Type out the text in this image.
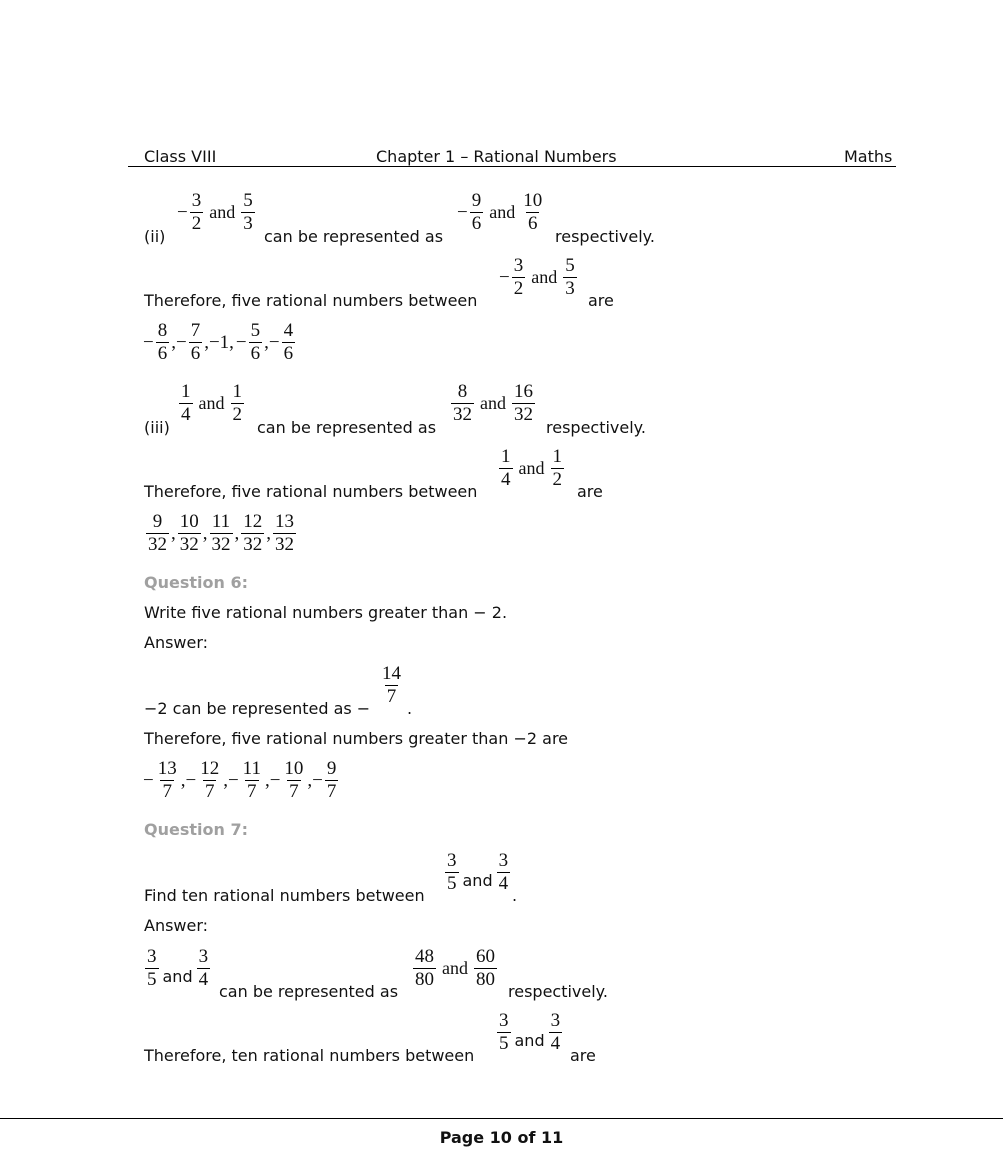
Class VIII	Chapter 1 – Rational Numbers	Maths
(ii)
− $\frac{3}{2}$ and $\frac{5}{3}$
can be represented as
− $\frac{9}{6}$ and $\frac{10}{6}$
respectively.
Therefore, five rational numbers between
− $\frac{3}{2}$ and $\frac{5}{3}$
are
− $\frac{8}{6}$ ,− $\frac{7}{6} ,-1$, − $\frac{5}{6}$ ,− $\frac{4}{6}$
(iii)
$\frac{1}{4}$ and $\frac{1}{2}$
can be represented as
$\frac{8}{32}$ and $\frac{16}{32}$
respectively.
Therefore, five rational numbers between
$\frac{1}{4}$ and $\frac{1}{2}$
are
$\frac{9}{32}$ , $\frac{10}{32}$ , $\frac{11}{32}$ , $\frac{12}{32}$ , $\frac{13}{32}$
Question 6:
Write five rational numbers greater than − 2.
Answer:
−2 can be represented as −
$\frac{14}{7}$
.
Therefore, five rational numbers greater than −2 are
− $\frac{13}{7}$ ,− $\frac{12}{7}$ ,− $\frac{11}{7}$ ,− $\frac{10}{7}$ ,− $\frac{9}{7}$
Question 7:
Find ten rational numbers between
$\frac{3}{5}$ and $\frac{3}{4}$
.
Answer:
$\frac{3}{5}$ and $\frac{3}{4}$
can be represented as
$\frac{48}{80}$ and $\frac{60}{80}$
respectively.
Therefore, ten rational numbers between
$\frac{3}{5}$ and $\frac{3}{4}$
are
Page 10 of 11
